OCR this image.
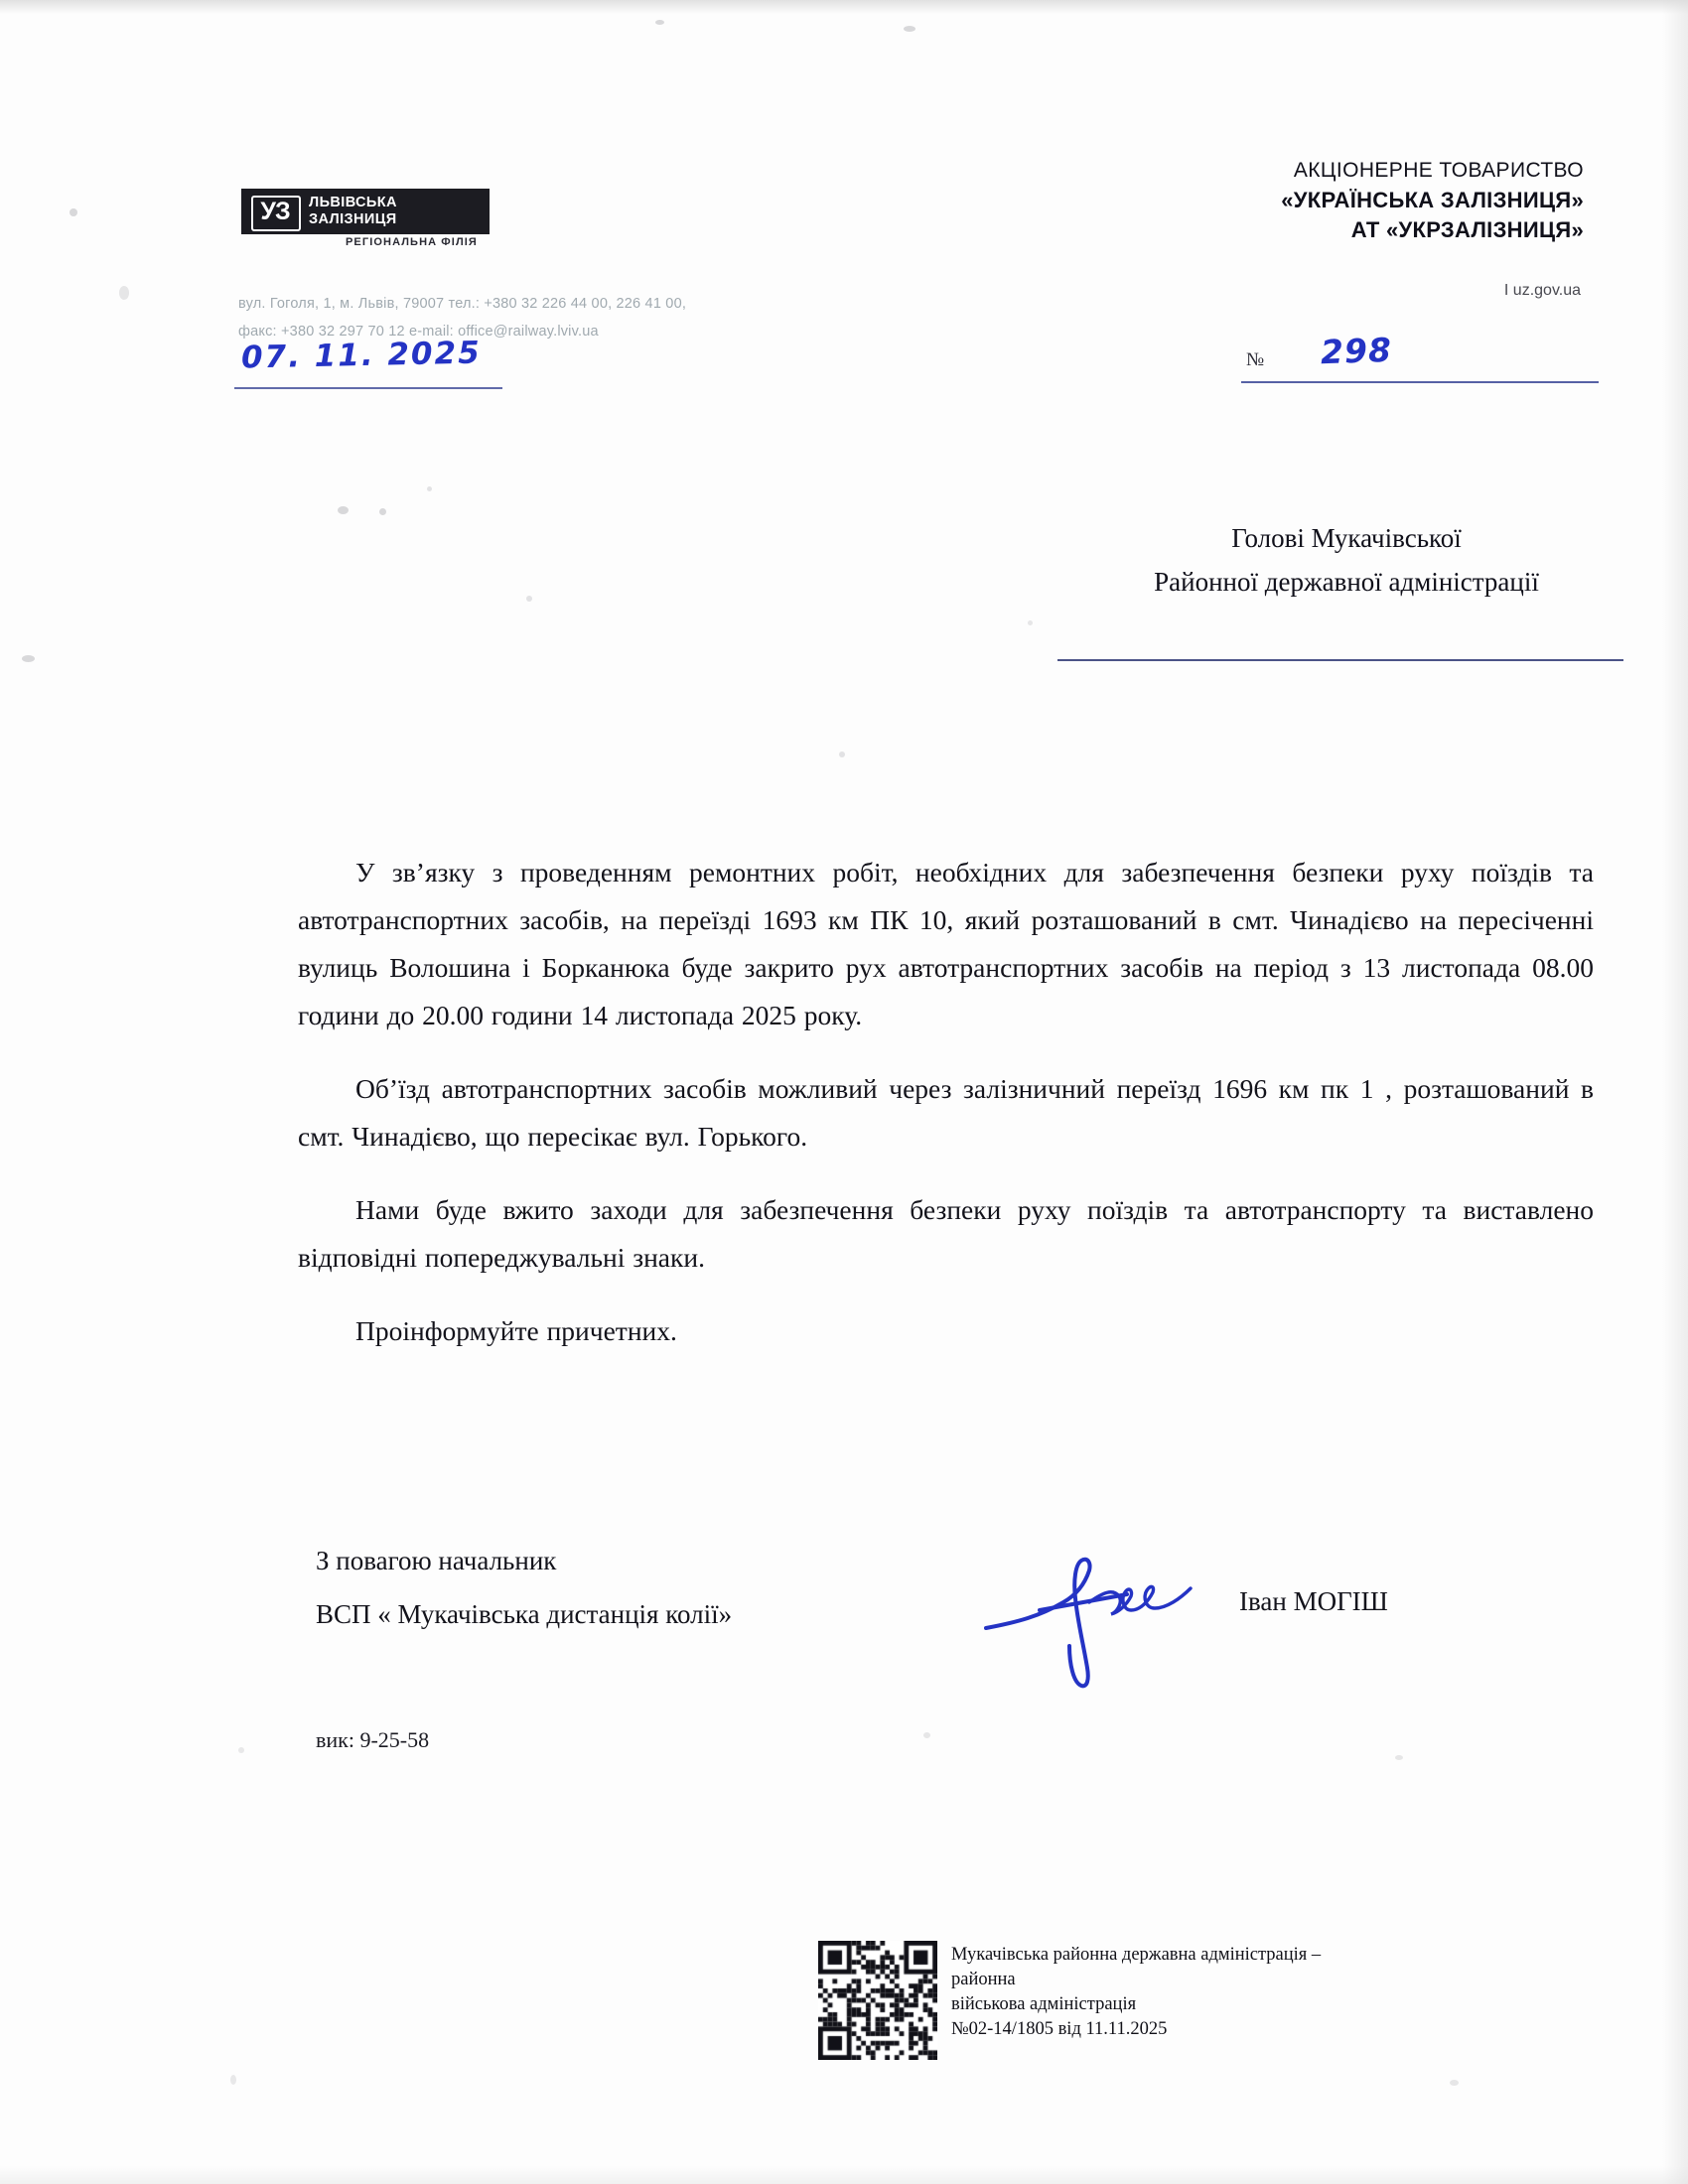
УЗ ЛЬВІВСЬКА
ЗАЛІЗНИЦЯ
РЕГІОНАЛЬНА ФІЛІЯ
вул. Гоголя, 1, м. Львів, 79007 тел.: +380 32 226 44 00, 226 41 00,
факс: +380 32 297 70 12 e-mail: office@railway.lviv.ua
АКЦІОНЕРНЕ ТОВАРИСТВО
«УКРАЇНСЬКА ЗАЛІЗНИЦЯ»
АТ «УКРЗАЛІЗНИЦЯ»
I uz.gov.ua
07. 11. 2025	№ 298
Голові Мукачівської
Районної державної адміністрації

У зв’язку з проведенням ремонтних робіт, необхідних для забезпечення безпеки руху поїздів та автотранспортних засобів, на переїзді 1693 км ПК 10, який розташований в смт. Чинадієво на пересіченні вулиць Волошина і Борканюка буде закрито рух автотранспортних засобів на період з 13 листопада 08.00 години до 20.00 години 14 листопада 2025 року.

Об’їзд автотранспортних засобів можливий через залізничний переїзд 1696 км пк 1 , розташований в смт. Чинадієво, що пересікає вул. Горького.

Нами буде вжито заходи для забезпечення безпеки руху поїздів та автотранспорту та виставлено відповідні попереджувальні знаки.

Проінформуйте причетних.

З повагою начальник
ВСП « Мукачівська дистанція колії»	Іван МОГІШ
вик: 9-25-58
Мукачівська районна державна адміністрація – районна
військова адміністрація
№02-14/1805 від 11.11.2025
